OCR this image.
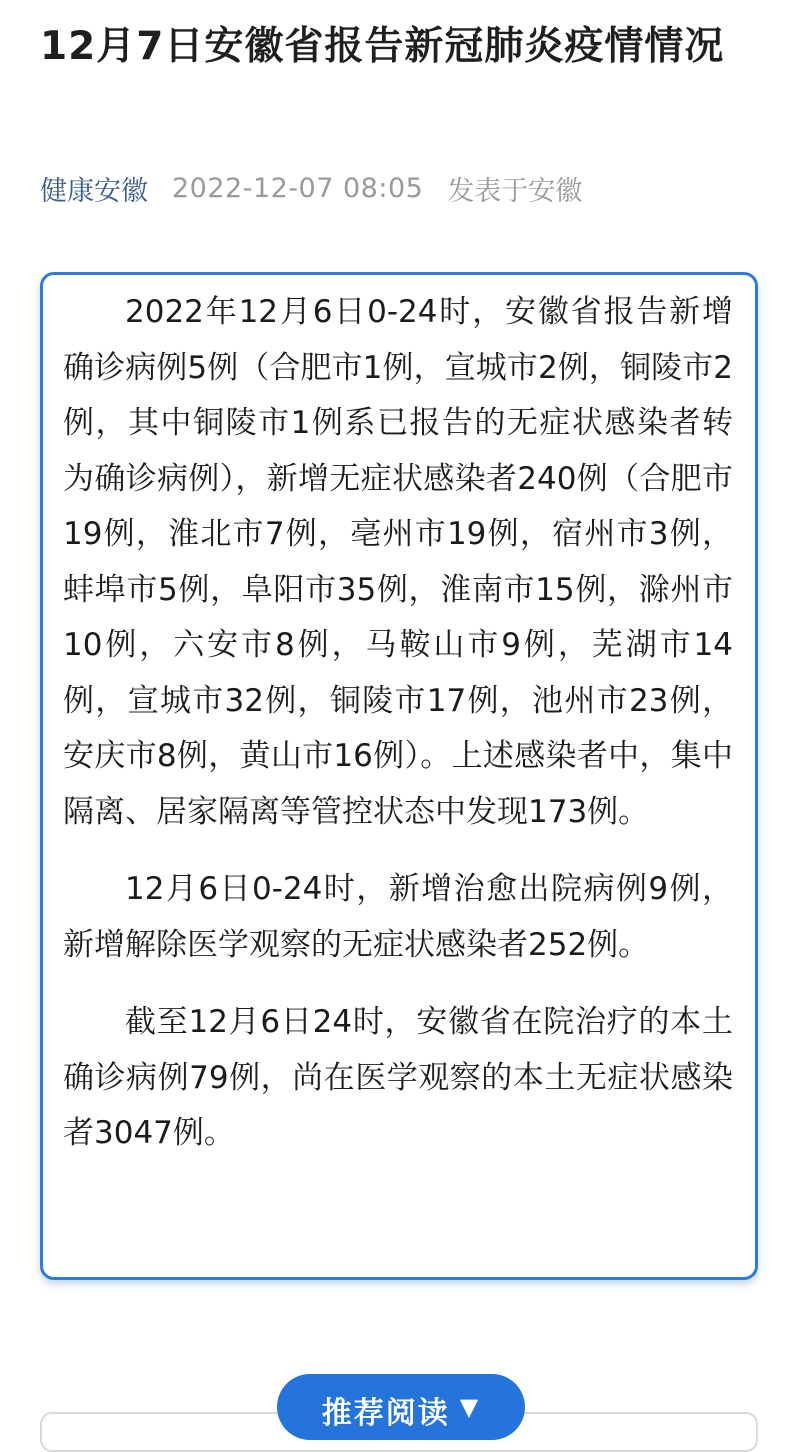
12月7日安徽省报告新冠肺炎疫情情况
健康安徽 2022-12-07 08:05 发表于安徽

2022年12月6日0-24时，安徽省报告新增确诊病例5例（合肥市1例，宣城市2例，铜陵市2例，其中铜陵市1例系已报告的无症状感染者转为确诊病例），新增无症状感染者240例（合肥市19例，淮北市7例，亳州市19例，宿州市3例，蚌埠市5例，阜阳市35例，淮南市15例，滁州市10例，六安市8例，马鞍山市9例，芜湖市14例，宣城市32例，铜陵市17例，池州市23例，安庆市8例，黄山市16例）。上述感染者中，集中隔离、居家隔离等管控状态中发现173例。

12月6日0-24时，新增治愈出院病例9例，新增解除医学观察的无症状感染者252例。

截至12月6日24时，安徽省在院治疗的本土确诊病例79例，尚在医学观察的本土无症状感染者3047例。

推荐阅读 ▼
